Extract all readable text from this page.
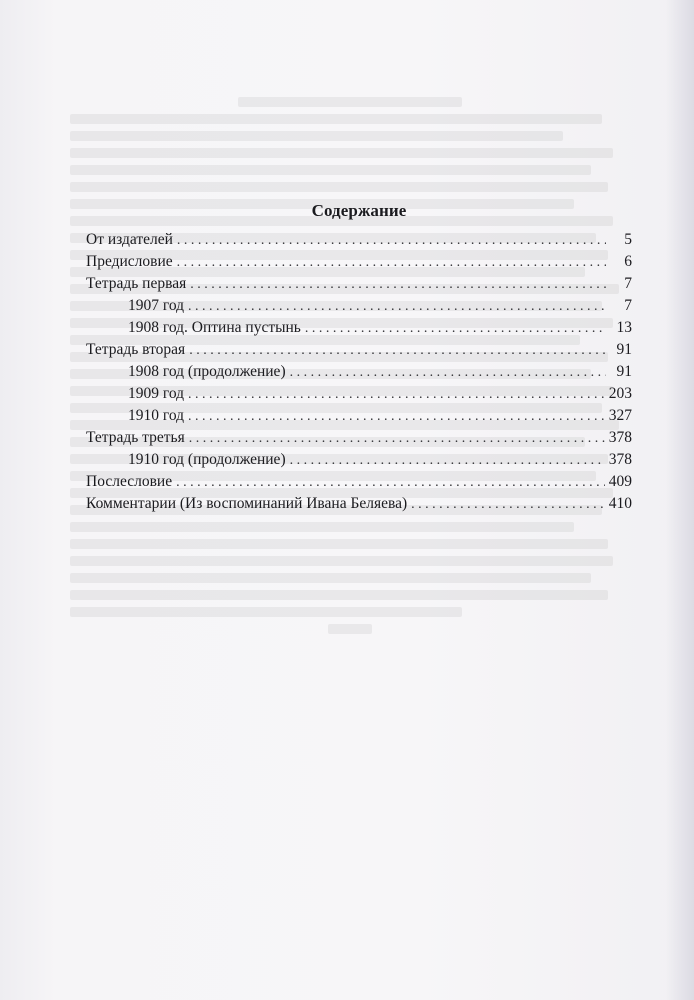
Содержание
От издателей . . .	5
Предисловие . . .	6
Тетрадь первая . . .	7
1907 год . . .	7
1908 год. Оптина пустынь . . .	13
Тетрадь вторая . . .	91
1908 год (продолжение) . . .	91
1909 год . . .	203
1910 год . . .	327
Тетрадь третья . . .	378
1910 год (продолжение) . . .	378
Послесловие . . .	409
Комментарии (Из воспоминаний Ивана Беляева) . . .	410
